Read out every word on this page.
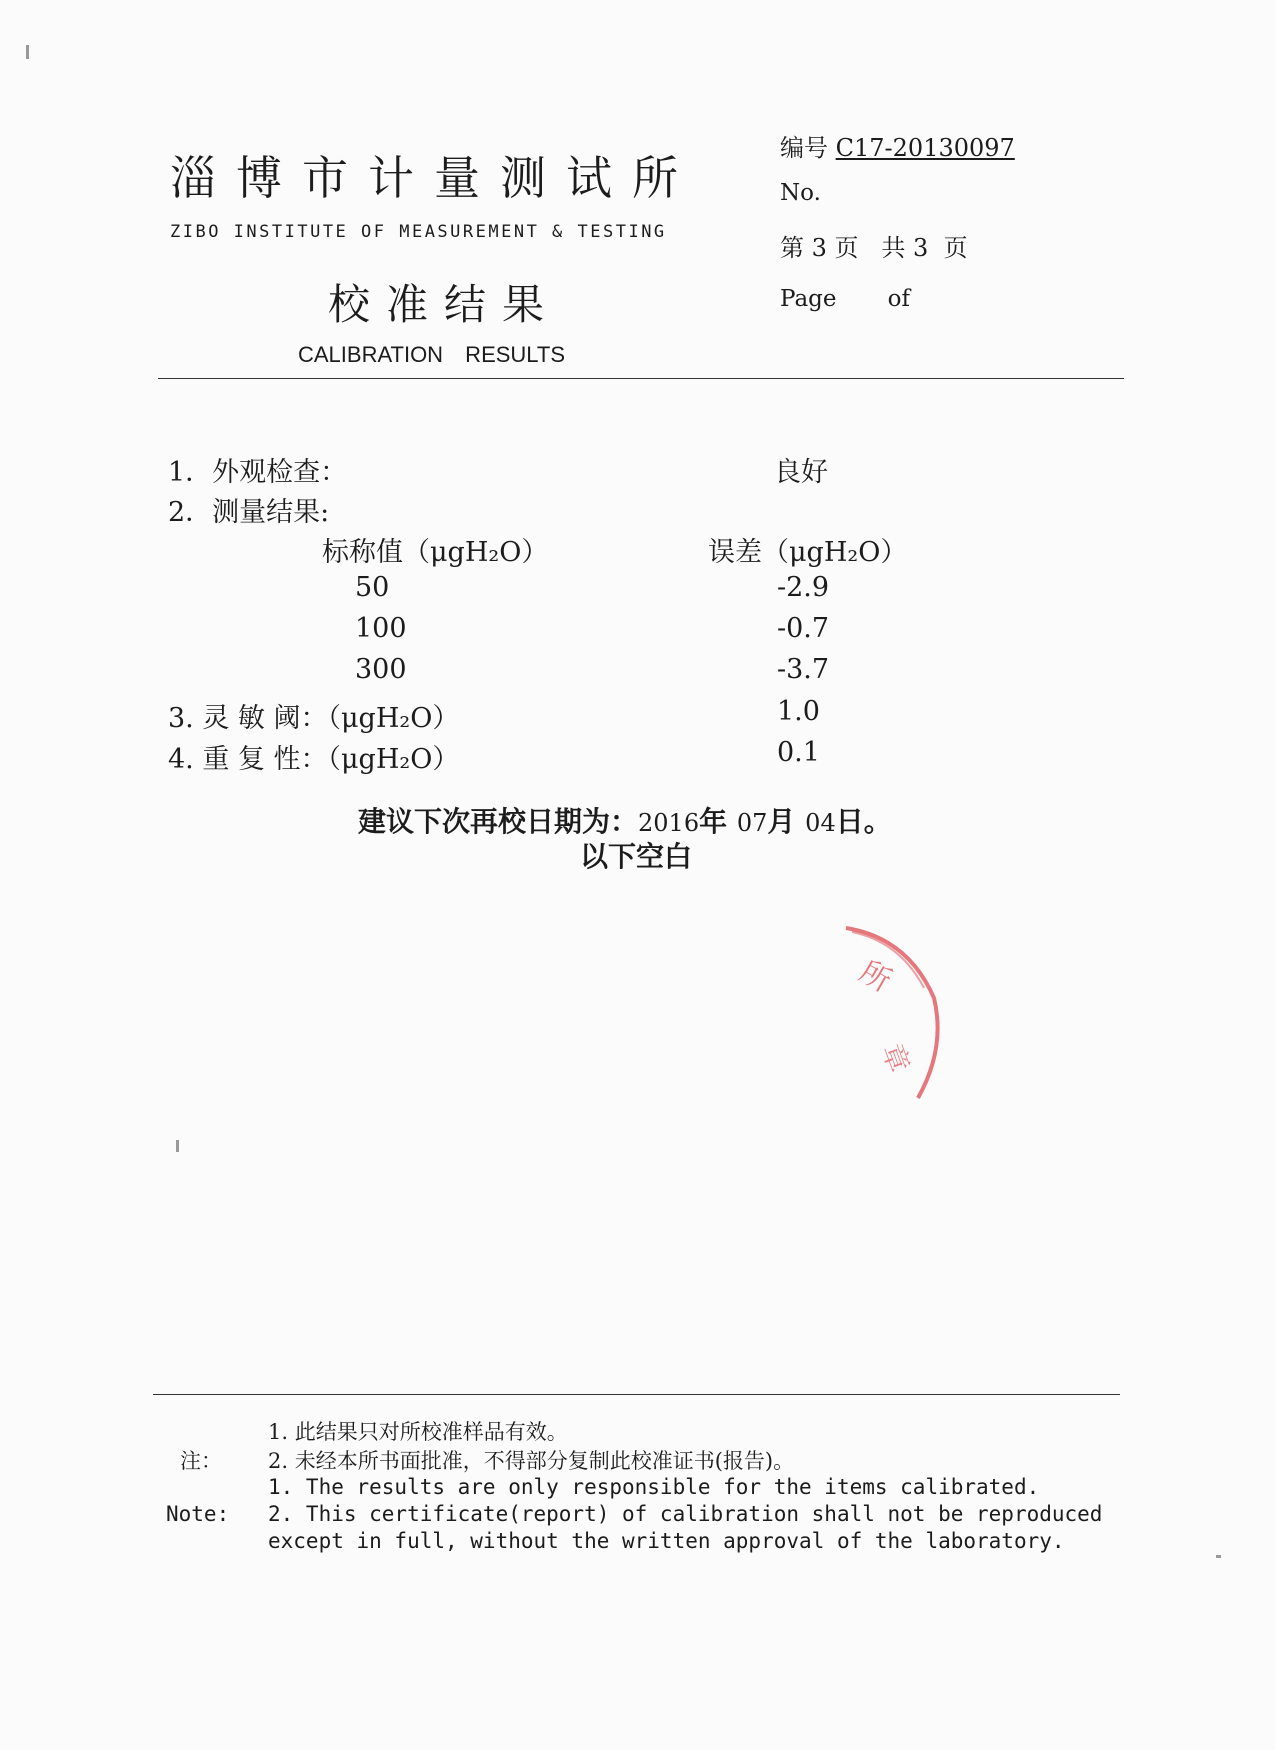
淄博市计量测试所
ZIBO INSTITUTE OF MEASUREMENT & TESTING
校准结果
CALIBRATION RESULTS
编号 C17-20130097
No.
第 3 页   共 3  页
Page       of
1．外观检查：	良好
2．测量结果:
标称值（μgH₂O）	误差（μgH₂O）
50	-2.9
100	-0.7
300	-3.7
3. 灵 敏 阈：（μgH₂O）	1.0
4. 重 复 性：（μgH₂O）	0.1
建议下次再校日期为：2016年 07月 04日。
以下空白
所
章
1. 此结果只对所校准样品有效。
注： 2. 未经本所书面批准，不得部分复制此校准证书(报告)。
1. The results are only responsible for the items calibrated.
Note: 2. This certificate(report) of calibration shall not be reproduced
except in full, without the written approval of the laboratory.
